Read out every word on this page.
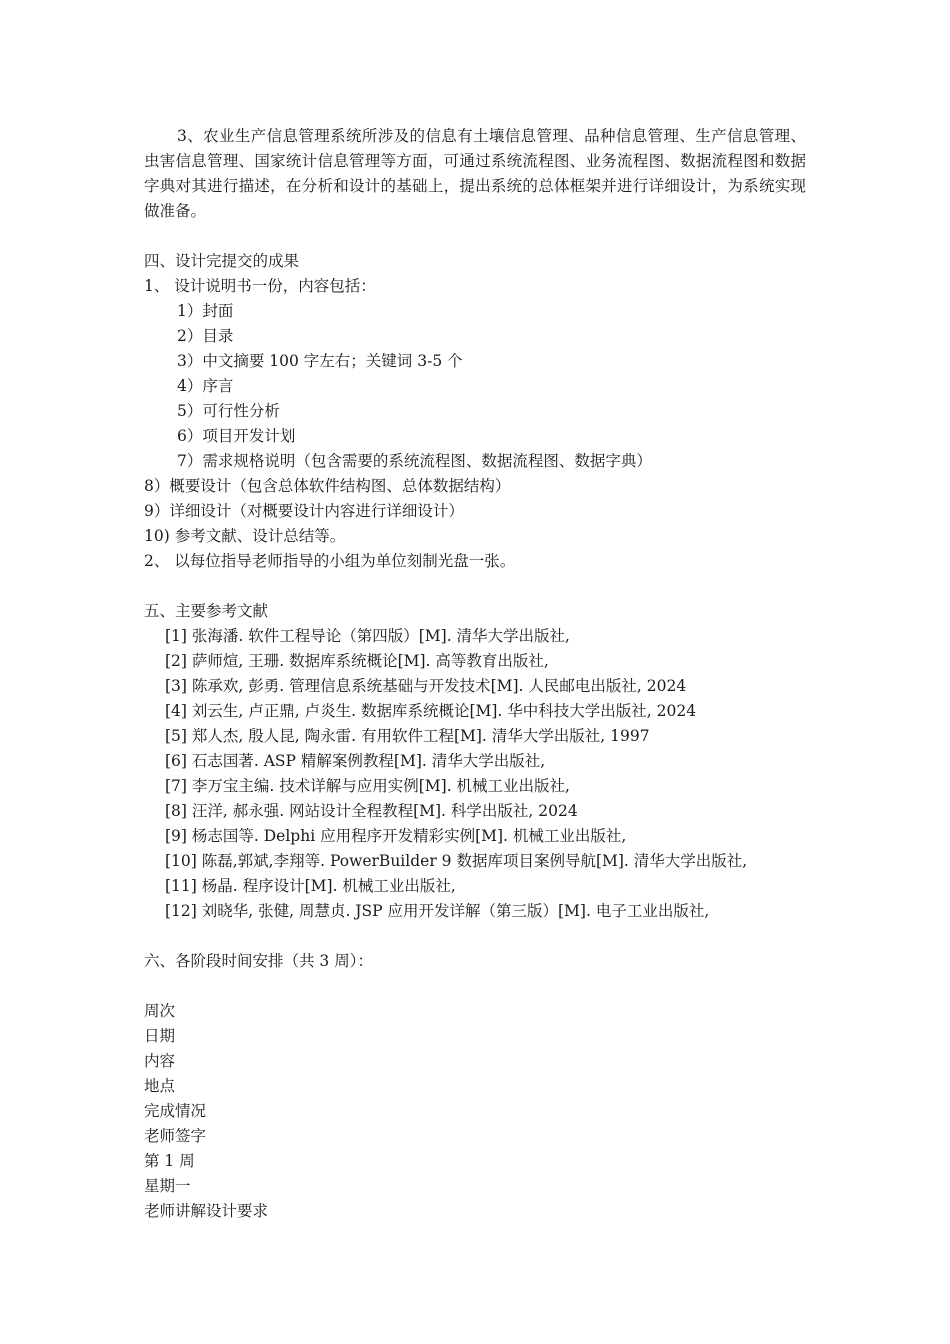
3、农业生产信息管理系统所涉及的信息有土壤信息管理、品种信息管理、生产信息管理、虫害信息管理、国家统计信息管理等方面，可通过系统流程图、业务流程图、数据流程图和数据字典对其进行描述，在分析和设计的基础上，提出系统的总体框架并进行详细设计，为系统实现做准备。

四、设计完提交的成果

1、 设计说明书一份，内容包括：

1）封面

2）目录

3）中文摘要 100 字左右；关键词 3-5 个

4）序言

5）可行性分析

6）项目开发计划

7）需求规格说明（包含需要的系统流程图、数据流程图、数据字典）

8）概要设计（包含总体软件结构图、总体数据结构）

9）详细设计（对概要设计内容进行详细设计）

10) 参考文献、设计总结等。

2、 以每位指导老师指导的小组为单位刻制光盘一张。

五、主要参考文献

[1] 张海潘. 软件工程导论（第四版）[M]. 清华大学出版社,

[2] 萨师煊, 王珊. 数据库系统概论[M]. 高等教育出版社,

[3] 陈承欢, 彭勇. 管理信息系统基础与开发技术[M]. 人民邮电出版社, 2024

[4] 刘云生, 卢正鼎, 卢炎生. 数据库系统概论[M]. 华中科技大学出版社, 2024

[5] 郑人杰, 殷人昆, 陶永雷. 有用软件工程[M]. 清华大学出版社, 1997

[6] 石志国著. ASP 精解案例教程[M]. 清华大学出版社,

[7] 李万宝主编. 技术详解与应用实例[M]. 机械工业出版社,

[8] 汪洋, 郝永强. 网站设计全程教程[M]. 科学出版社, 2024

[9] 杨志国等. Delphi 应用程序开发精彩实例[M]. 机械工业出版社,

[10] 陈磊,郭斌,李翔等. PowerBuilder 9 数据库项目案例导航[M]. 清华大学出版社,

[11] 杨晶. 程序设计[M]. 机械工业出版社,

[12] 刘晓华, 张健, 周慧贞. JSP 应用开发详解（第三版）[M]. 电子工业出版社,

六、各阶段时间安排（共 3 周）：

周次

日期

内容

地点

完成情况

老师签字

第 1 周

星期一

老师讲解设计要求
